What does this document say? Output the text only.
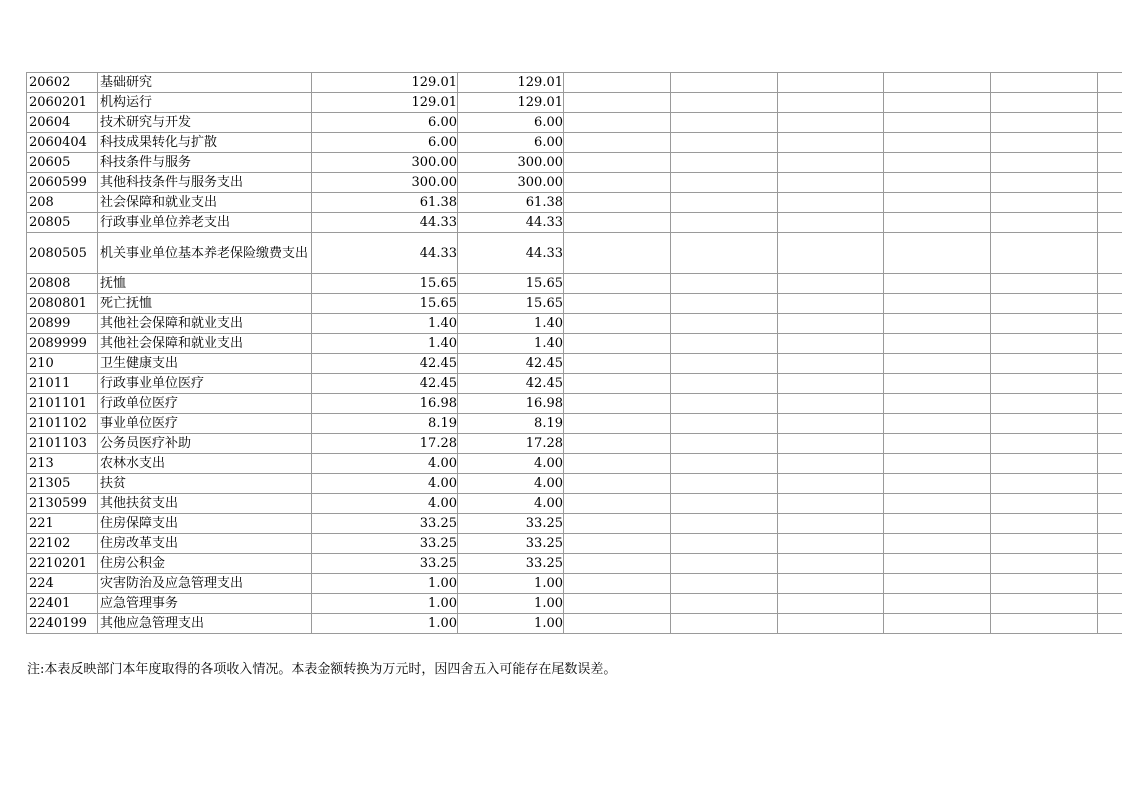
20602	基础研究	129.01	129.01						
2060201	机构运行	129.01	129.01						
20604	技术研究与开发	6.00	6.00						
2060404	科技成果转化与扩散	6.00	6.00						
20605	科技条件与服务	300.00	300.00						
2060599	其他科技条件与服务支出	300.00	300.00						
208	社会保障和就业支出	61.38	61.38						
20805	行政事业单位养老支出	44.33	44.33						
2080505	机关事业单位基本养老保险缴费支出	44.33	44.33						
20808	抚恤	15.65	15.65						
2080801	死亡抚恤	15.65	15.65						
20899	其他社会保障和就业支出	1.40	1.40						
2089999	其他社会保障和就业支出	1.40	1.40						
210	卫生健康支出	42.45	42.45						
21011	行政事业单位医疗	42.45	42.45						
2101101	行政单位医疗	16.98	16.98						
2101102	事业单位医疗	8.19	8.19						
2101103	公务员医疗补助	17.28	17.28						
213	农林水支出	4.00	4.00						
21305	扶贫	4.00	4.00						
2130599	其他扶贫支出	4.00	4.00						
221	住房保障支出	33.25	33.25						
22102	住房改革支出	33.25	33.25						
2210201	住房公积金	33.25	33.25						
224	灾害防治及应急管理支出	1.00	1.00						
22401	应急管理事务	1.00	1.00						
2240199	其他应急管理支出	1.00	1.00						
注:本表反映部门本年度取得的各项收入情况。本表金额转换为万元时，因四舍五入可能存在尾数误差。
